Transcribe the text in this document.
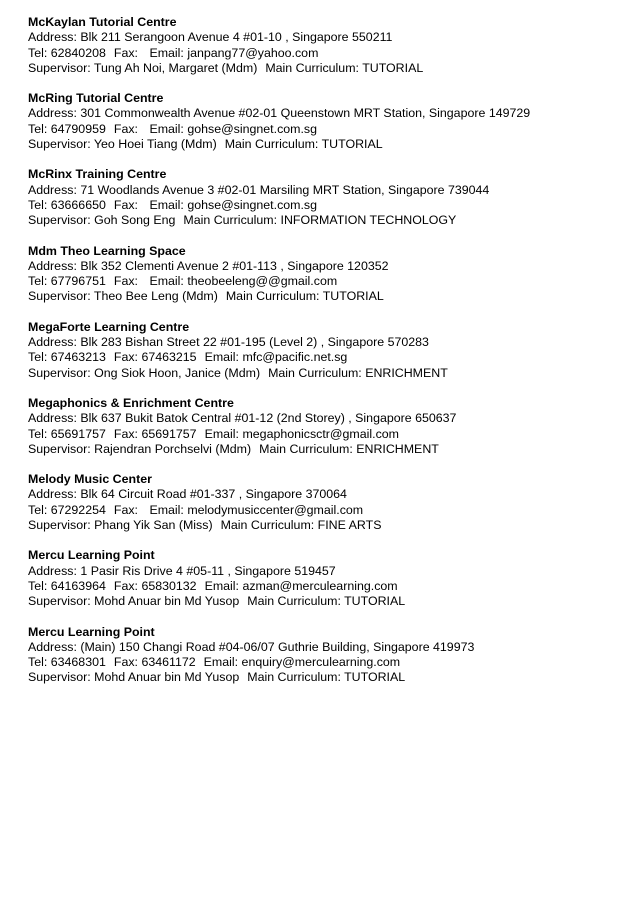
McKaylan Tutorial Centre
Address: Blk 211 Serangoon Avenue 4 #01-10 , Singapore 550211
Tel: 62840208 Fax: Email: janpang77@yahoo.com
Supervisor: Tung Ah Noi, Margaret (Mdm) Main Curriculum: TUTORIAL
McRing Tutorial Centre
Address: 301 Commonwealth Avenue #02-01 Queenstown MRT Station, Singapore 149729
Tel: 64790959 Fax: Email: gohse@singnet.com.sg
Supervisor: Yeo Hoei Tiang (Mdm) Main Curriculum: TUTORIAL
McRinx Training Centre
Address: 71 Woodlands Avenue 3 #02-01 Marsiling MRT Station, Singapore 739044
Tel: 63666650 Fax: Email: gohse@singnet.com.sg
Supervisor: Goh Song Eng Main Curriculum: INFORMATION TECHNOLOGY
Mdm Theo Learning Space
Address: Blk 352 Clementi Avenue 2 #01-113 , Singapore 120352
Tel: 67796751 Fax: Email: theobeeleng@@gmail.com
Supervisor: Theo Bee Leng (Mdm) Main Curriculum: TUTORIAL
MegaForte Learning Centre
Address: Blk 283 Bishan Street 22 #01-195 (Level 2) , Singapore 570283
Tel: 67463213 Fax: 67463215 Email: mfc@pacific.net.sg
Supervisor: Ong Siok Hoon, Janice (Mdm) Main Curriculum: ENRICHMENT
Megaphonics & Enrichment Centre
Address: Blk 637 Bukit Batok Central #01-12 (2nd Storey) , Singapore 650637
Tel: 65691757 Fax: 65691757 Email: megaphonicsctr@gmail.com
Supervisor: Rajendran Porchselvi (Mdm) Main Curriculum: ENRICHMENT
Melody Music Center
Address: Blk 64 Circuit Road #01-337 , Singapore 370064
Tel: 67292254 Fax: Email: melodymusiccenter@gmail.com
Supervisor: Phang Yik San (Miss) Main Curriculum: FINE ARTS
Mercu Learning Point
Address: 1 Pasir Ris Drive 4 #05-11 , Singapore 519457
Tel: 64163964 Fax: 65830132 Email: azman@merculearning.com
Supervisor: Mohd Anuar bin Md Yusop Main Curriculum: TUTORIAL
Mercu Learning Point
Address: (Main) 150 Changi Road #04-06/07 Guthrie Building, Singapore 419973
Tel: 63468301 Fax: 63461172 Email: enquiry@merculearning.com
Supervisor: Mohd Anuar bin Md Yusop Main Curriculum: TUTORIAL
